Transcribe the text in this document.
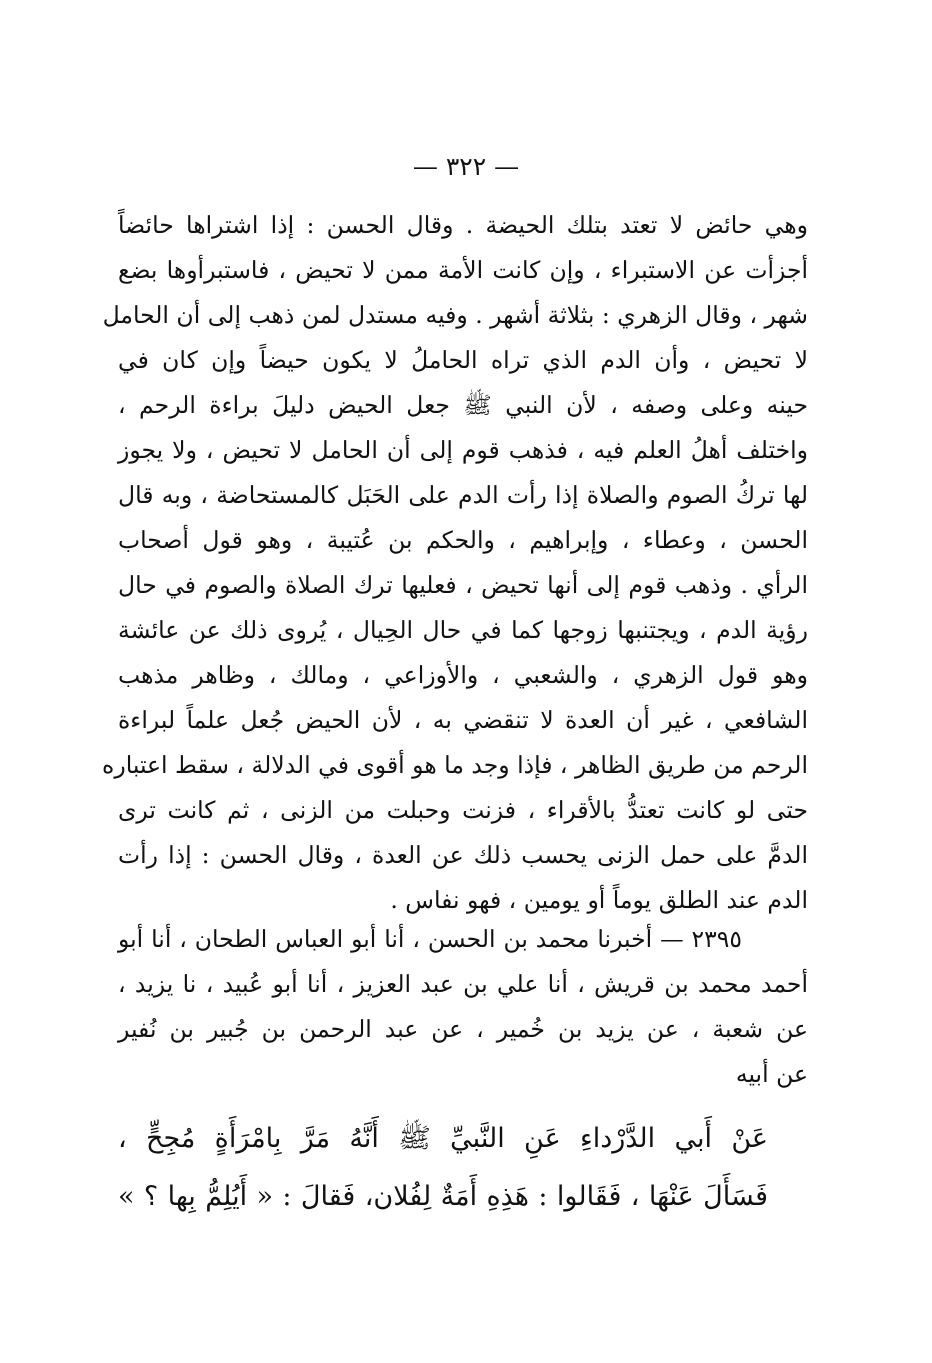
— ٣٢٢ —
وهي حائض لا تعتد بتلك الحيضة . وقال الحسن : إذا اشتراها حائضاً
أجزأت عن الاستبراء ، وإن كانت الأمة ممن لا تحيض ، فاستبرأوها بضع
شهر ، وقال الزهري : بثلاثة أشهر . وفيه مستدل لمن ذهب إلى أن الحامل
لا تحيض ، وأن الدم الذي تراه الحاملُ لا يكون حيضاً وإن كان في
حينه وعلى وصفه ، لأن النبي ﷺ جعل الحيض دليلَ براءة الرحم ،
واختلف أهلُ العلم فيه ، فذهب قوم إلى أن الحامل لا تحيض ، ولا يجوز
لها تركُ الصوم والصلاة إذا رأت الدم على الحَبَل كالمستحاضة ، وبه قال
الحسن ، وعطاء ، وإبراهيم ، والحكم بن عُتيبة ، وهو قول أصحاب
الرأي . وذهب قوم إلى أنها تحيض ، فعليها ترك الصلاة والصوم في حال
رؤية الدم ، ويجتنبها زوجها كما في حال الحِيال ، يُروى ذلك عن عائشة
وهو قول الزهري ، والشعبي ، والأوزاعي ، ومالك ، وظاهر مذهب
الشافعي ، غير أن العدة لا تنقضي به ، لأن الحيض جُعل علماً لبراءة
الرحم من طريق الظاهر ، فإذا وجد ما هو أقوى في الدلالة ، سقط اعتباره
حتى لو كانت تعتدُّ بالأقراء ، فزنت وحبلت من الزنى ، ثم كانت ترى
الدمَّ على حمل الزنى يحسب ذلك عن العدة ، وقال الحسن : إذا رأت
الدم عند الطلق يوماً أو يومين ، فهو نفاس .
٢٣٩٥ — أخبرنا محمد بن الحسن ، أنا أبو العباس الطحان ، أنا أبو
أحمد محمد بن قريش ، أنا علي بن عبد العزيز ، أنا أبو عُبيد ، نا يزيد ،
عن شعبة ، عن يزيد بن خُمير ، عن عبد الرحمن بن جُبير بن نُفير
عن أبيه
عَنْ أَبي الدَّرْداءِ عَنِ النَّبيِّ ﷺ أَنَّهُ مَرَّ بِامْرَأَةٍ مُجِحٍّ ،
فَسَأَلَ عَنْهَا ، فَقَالوا : هَذِهِ أَمَةٌ لِفُلان، فَقالَ : « أَيُلِمُّ بِها ؟ »
